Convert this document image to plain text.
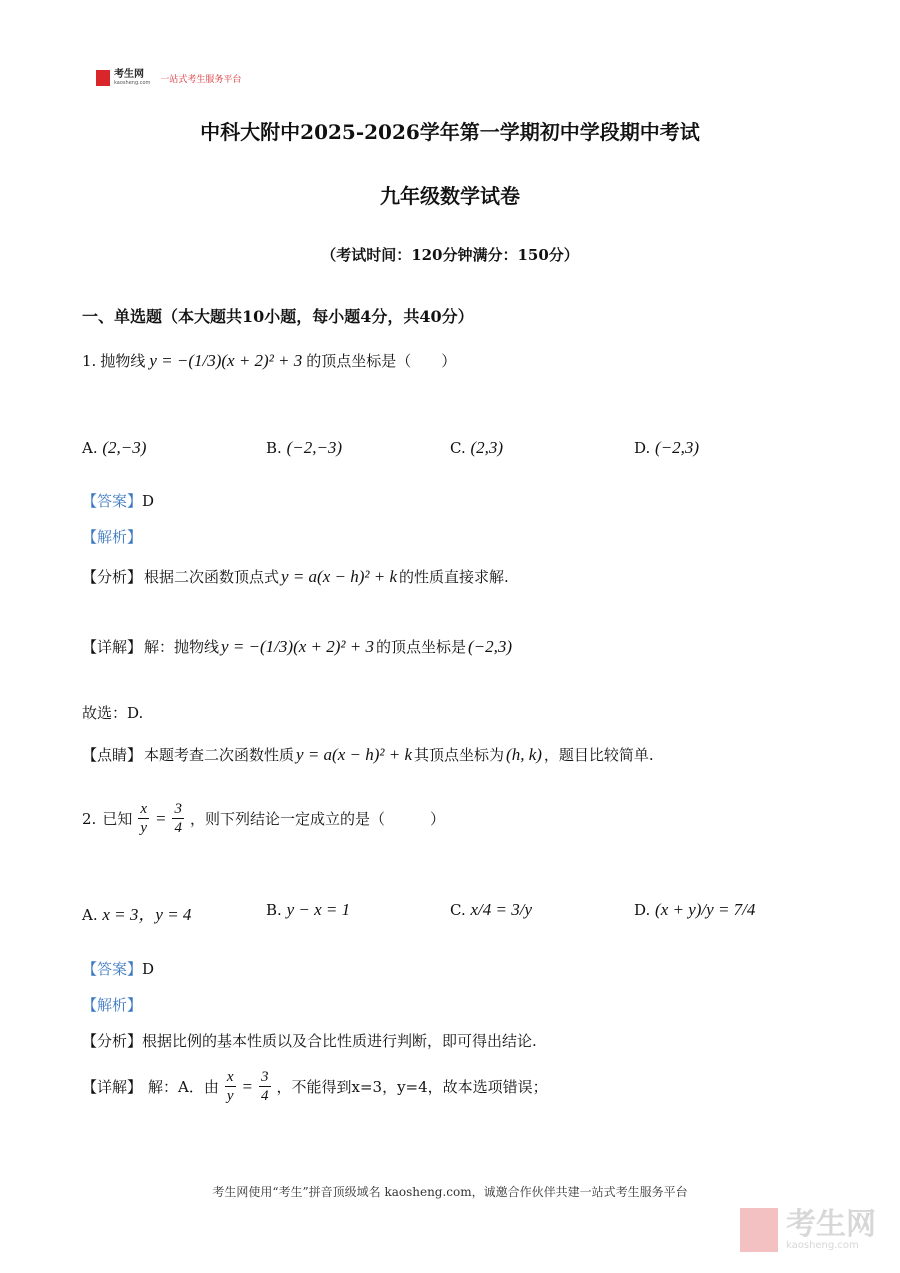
考生网
kaosheng.com 一站式考生服务平台
中科大附中2025-2026学年第一学期初中学段期中考试
九年级数学试卷
（考试时间：120分钟满分：150分）
一、单选题（本大题共10小题，每小题4分，共40分）
1. 抛物线 y = −(1/3)(x + 2)² + 3 的顶点坐标是（　　）
A. (2,−3)	B. (−2,−3)	C. (2,3)	D. (−2,3)
【答案】D
【解析】
【分析】 根据二次函数顶点式 y = a(x − h)² + k 的性质直接求解.
【详解】 解：抛物线 y = −(1/3)(x + 2)² + 3 的顶点坐标是 (−2,3)
故选：D.
【点睛】 本题考查二次函数性质 y = a(x − h)² + k 其顶点坐标为 (h, k) ，题目比较简单.
2. 已知 $\frac{x}{y} = \frac{3}{4}$ ，则下列结论一定成立的是（　　　）
A. x = 3，y = 4	B. y − x = 1	C. x/4 = 3/y	D. (x + y)/y = 7/4
【答案】D
【解析】
【分析】根据比例的基本性质以及合比性质进行判断，即可得出结论.
【详解】 解：A．由 $\frac{x}{y} = \frac{3}{4}$ ，不能得到x=3，y=4，故本选项错误；
考生网使用“考生”拼音顶级域名 kaosheng.com，诚邀合作伙伴共建一站式考生服务平台
考生网
kaosheng.com
